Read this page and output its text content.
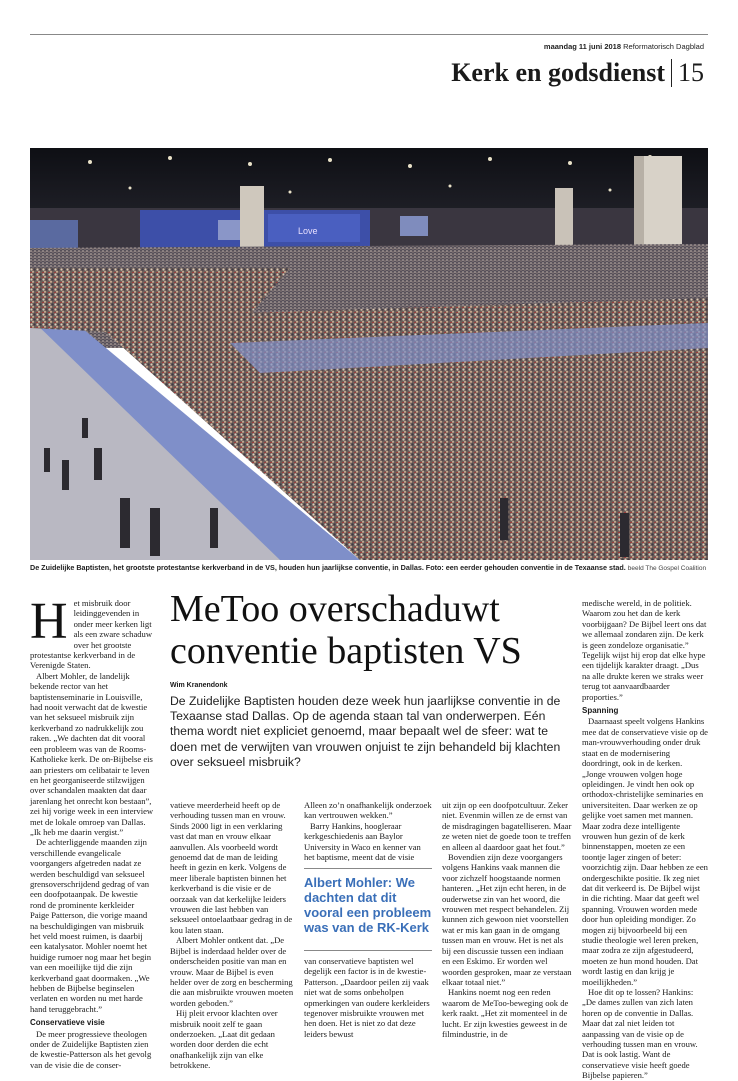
maandag 11 juni 2018 Reformatorisch Dagblad
Kerk en godsdienst 15
Love
De Zuidelijke Baptisten, het grootste protestantse kerkverband in de VS, houden hun jaarlijkse conventie, in Dallas. Foto: een eerder gehouden conventie in de Texaanse stad. beeld The Gospel Coalition
H et misbruik door leidinggevenden in onder meer kerken ligt als een zware schaduw over het grootste protestantse kerkverband in de Verenigde Staten.

Albert Mohler, de landelijk bekende rector van het baptistenseminarie in Louisville, had nooit verwacht dat de kwestie van het seksueel misbruik zijn kerkverband zo nadrukkelijk zou raken. „We dachten dat dit vooral een probleem was van de Rooms-Katholieke kerk. De on-Bijbelse eis aan priesters om celibatair te leven en het georganiseerde stilzwijgen over schandalen maakten dat daar jarenlang het onrecht kon bestaan”, zei hij vorige week in een interview met de lokale omroep van Dallas. „Ik heb me daarin vergist.”

De achterliggende maanden zijn verschillende evangelicale voorgangers afgetreden nadat ze werden beschuldigd van seksueel grensoverschrijdend gedrag of van een doofpotaanpak. De kwestie rond de prominente kerkleider Paige Patterson, die vorige maand na beschuldigingen van misbruik het veld moest ruimen, is daarbij een katalysator. Mohler noemt het huidige rumoer nog maar het begin van een moeilijke tijd die zijn kerkverband gaat doormaken. „We hebben de Bijbelse beginselen verlaten en worden nu met harde hand teruggebracht.”

Conservatieve visie

De meer progressieve theologen onder de Zuidelijke Baptisten zien de kwestie-Patterson als het gevolg van de visie die de conser-

MeToo overschaduwt conventie baptisten VS
Wim Kranendonk
De Zuidelijke Baptisten houden deze week hun jaarlijkse conventie in de Texaanse stad Dallas. Op de agenda staan tal van onderwerpen. Eén thema wordt niet expliciet genoemd, maar bepaalt wel de sfeer: wat te doen met de verwijten van vrouwen onjuist te zijn behandeld bij klachten over seksueel misbruik?

vatieve meerderheid heeft op de verhouding tussen man en vrouw. Sinds 2000 ligt in een verklaring vast dat man en vrouw elkaar aanvullen. Als voorbeeld wordt genoemd dat de man de leiding heeft in gezin en kerk. Volgens de meer liberale baptisten binnen het kerkverband is die visie er de oorzaak van dat kerkelijke leiders vrouwen die last hebben van seksueel ontoelaatbaar gedrag in de kou laten staan.

Albert Mohler ontkent dat. „De Bijbel is inderdaad helder over de onderscheiden positie van man en vrouw. Maar de Bijbel is even helder over de zorg en bescherming die aan misbruikte vrouwen moeten worden geboden.”

Hij pleit ervoor klachten over misbruik nooit zelf te gaan onderzoeken. „Laat dit gedaan worden door derden die echt onafhankelijk zijn van elke betrokkene.

Alleen zo’n onafhankelijk onderzoek kan vertrouwen wekken.”

Barry Hankins, hoogleraar kerkgeschiedenis aan Baylor University in Waco en kenner van het baptisme, meent dat de visie

Albert Mohler: We dachten dat dit vooral een probleem was van de RK-Kerk

van conservatieve baptisten wel degelijk een factor is in de kwestie-Patterson. „Daardoor peilen zij vaak niet wat de soms onbeholpen opmerkingen van oudere kerkleiders tegenover misbruikte vrouwen met hen doen. Het is niet zo dat deze leiders bewust

uit zijn op een doofpotcultuur. Zeker niet. Evenmin willen ze de ernst van de misdragingen bagatelliseren. Maar ze weten niet de goede toon te treffen en alleen al daardoor gaat het fout.”

Bovendien zijn deze voorgangers volgens Hankins vaak mannen die voor zichzelf hoogstaande normen hanteren. „Het zijn echt heren, in de ouderwetse zin van het woord, die vrouwen met respect behandelen. Zij kunnen zich gewoon niet voorstellen wat er mis kan gaan in de omgang tussen man en vrouw. Het is net als bij een discussie tussen een indiaan en een Eskimo. Er worden wel woorden gesproken, maar ze verstaan elkaar totaal niet.”

Hankins noemt nog een reden waarom de MeToo-beweging ook de kerk raakt. „Het zit momenteel in de lucht. Er zijn kwesties geweest in de filmindustrie, in de

medische wereld, in de politiek. Waarom zou het dan de kerk voorbijgaan? De Bijbel leert ons dat we allemaal zondaren zijn. De kerk is geen zondeloze organisatie.” Tegelijk wijst hij erop dat elke hype een tijdelijk karakter draagt. „Dus na alle drukte keren we straks weer terug tot aanvaardbaarder proporties.”

Spanning

Daarnaast speelt volgens Hankins mee dat de conservatieve visie op de man-vrouwverhouding onder druk staat en de modernisering doordringt, ook in de kerken. „Jonge vrouwen volgen hoge opleidingen. Je vindt hen ook op orthodox-christelijke seminaries en universiteiten. Daar werken ze op gelijke voet samen met mannen. Maar zodra deze intelligente vrouwen hun gezin of de kerk binnenstappen, moeten ze een toontje lager zingen of beter: voorzichtig zijn. Daar hebben ze een ondergeschikte positie. Ik zeg niet dat dit verkeerd is. De Bijbel wijst in die richting. Maar dat geeft wel spanning. Vrouwen worden mede door hun opleiding mondiger. Zo mogen zij bijvoorbeeld bij een studie theologie wel leren preken, maar zodra ze zijn afgestudeerd, moeten ze hun mond houden. Dat wordt lastig en dan krijg je moeilijkheden.”

Hoe dit op te lossen? Hankins: „De dames zullen van zich laten horen op de conventie in Dallas. Maar dat zal niet leiden tot aanpassing van de visie op de verhouding tussen man en vrouw. Dat is ook lastig. Want de conservatieve visie heeft goede Bijbelse papieren.”
